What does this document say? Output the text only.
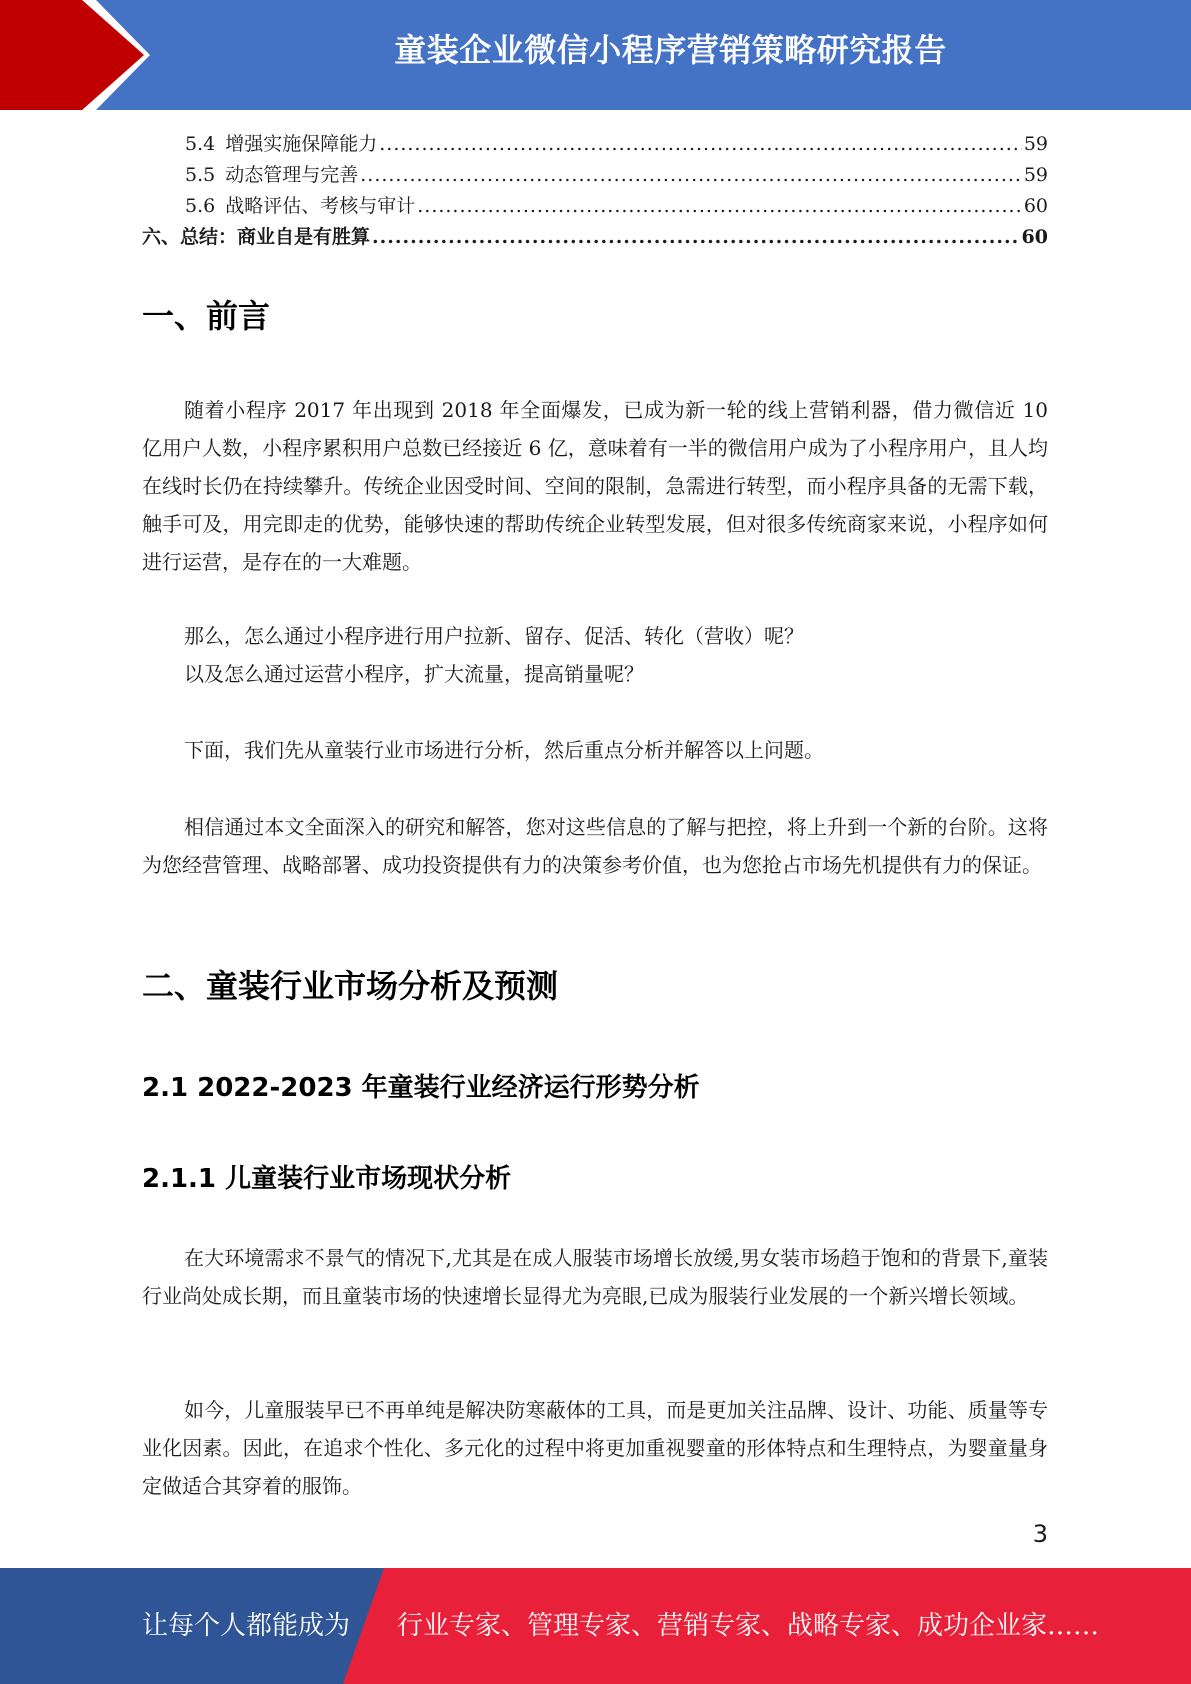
童装企业微信小程序营销策略研究报告
5.4 增强实施保障能力 .....	59
5.5 动态管理与完善 .....	59
5.6 战略评估、考核与审计 .....	60
六、总结：商业自是有胜算 .....	60
一、前言

随着小程序 2017 年出现到 2018 年全面爆发，已成为新一轮的线上营销利器，借力微信近 10 亿用户人数，小程序累积用户总数已经接近 6 亿，意味着有一半的微信用户成为了小程序用户，且人均在线时长仍在持续攀升。传统企业因受时间、空间的限制，急需进行转型，而小程序具备的无需下载，触手可及，用完即走的优势，能够快速的帮助传统企业转型发展，但对很多传统商家来说，小程序如何进行运营，是存在的一大难题。

那么，怎么通过小程序进行用户拉新、留存、促活、转化（营收）呢？

以及怎么通过运营小程序，扩大流量，提高销量呢？

下面，我们先从童装行业市场进行分析，然后重点分析并解答以上问题。

相信通过本文全面深入的研究和解答，您对这些信息的了解与把控，将上升到一个新的台阶。这将为您经营管理、战略部署、成功投资提供有力的决策参考价值，也为您抢占市场先机提供有力的保证。

二、童装行业市场分析及预测
2.1 2022-2023 年童装行业经济运行形势分析
2.1.1 儿童装行业市场现状分析

在大环境需求不景气的情况下,尤其是在成人服装市场增长放缓,男女装市场趋于饱和的背景下,童装行业尚处成长期，而且童装市场的快速增长显得尤为亮眼,已成为服装行业发展的一个新兴增长领域。

如今，儿童服装早已不再单纯是解决防寒蔽体的工具，而是更加关注品牌、设计、功能、质量等专业化因素。因此，在追求个性化、多元化的过程中将更加重视婴童的形体特点和生理特点，为婴童量身定做适合其穿着的服饰。

3
让每个人都能成为 行业专家、管理专家、营销专家、战略专家、成功企业家……
